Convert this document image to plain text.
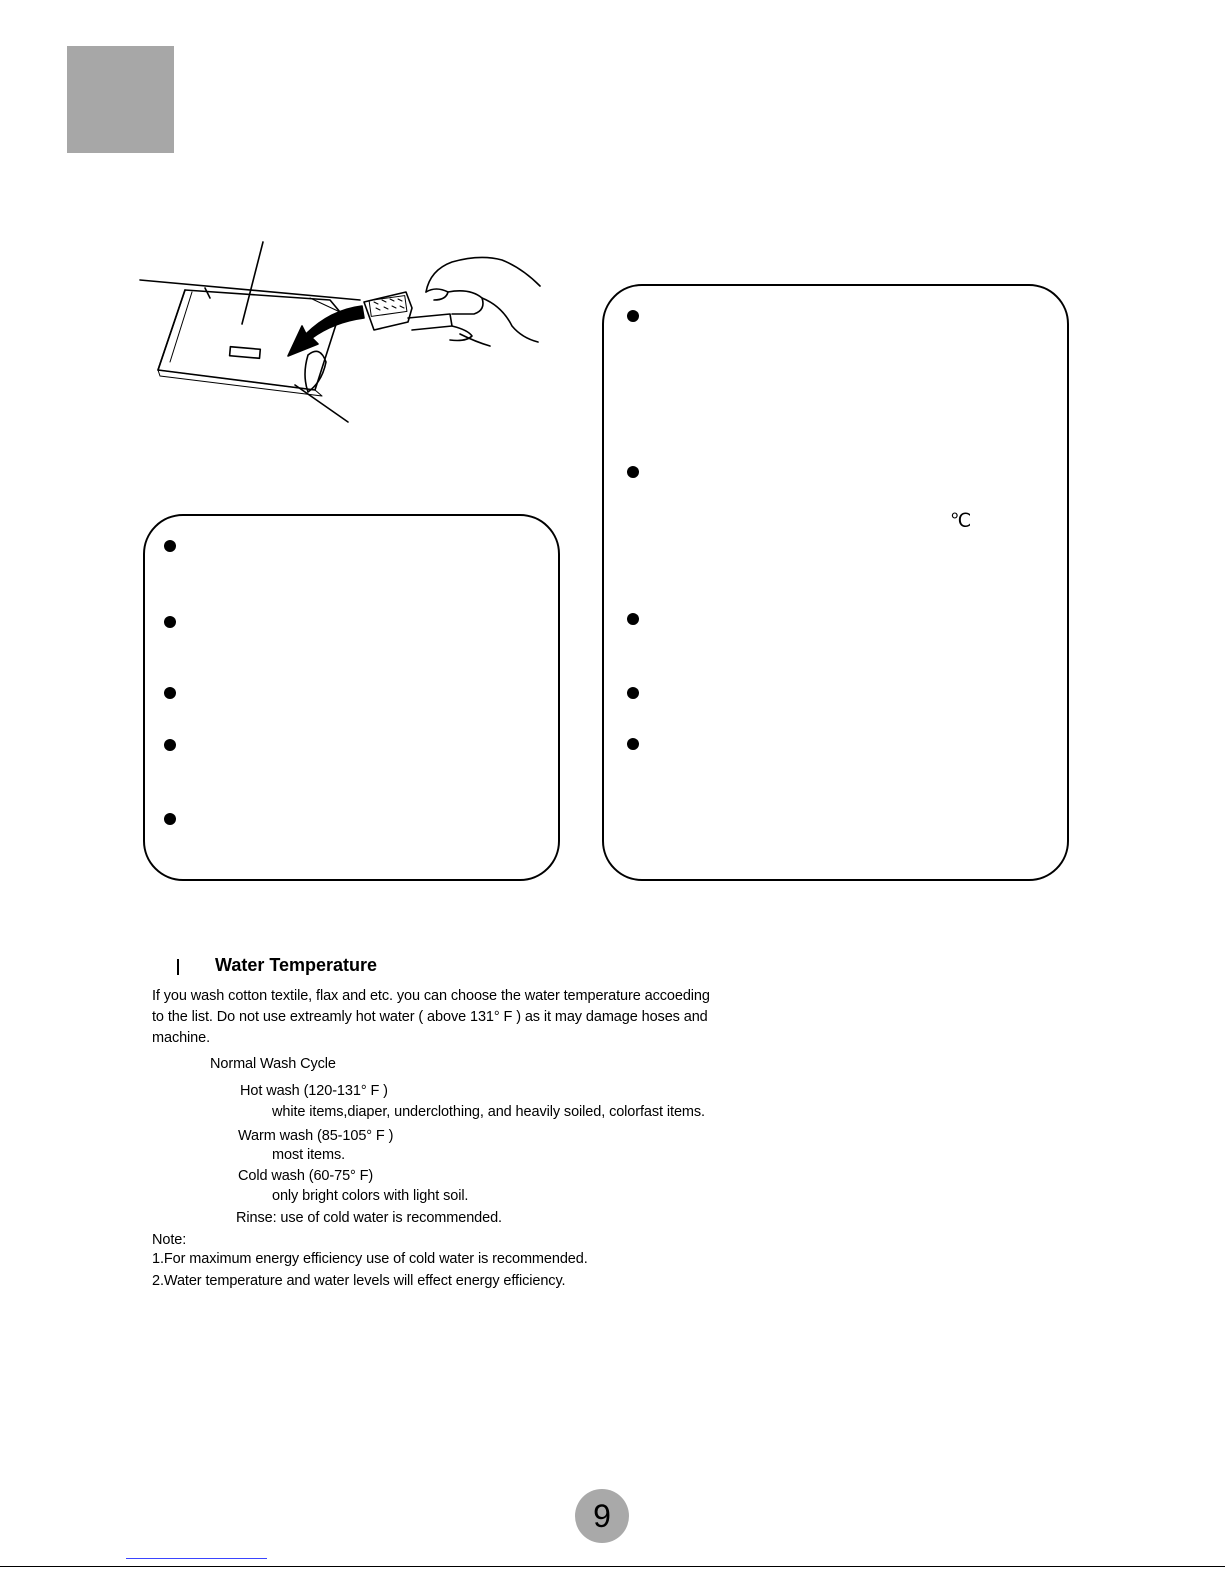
℃
Water Temperature
If you wash cotton textile, flax and etc. you can choose the water temperature accoeding
to the list. Do not use extreamly hot water ( above 131° F ) as it may damage hoses and
machine.
Normal Wash Cycle
Hot wash (120-131° F )
white items,diaper, underclothing, and heavily soiled, colorfast items.
Warm wash (85-105° F )
most items.
Cold wash (60-75° F)
only bright colors with light soil.
Rinse: use of cold water is recommended.
Note:
1.For maximum energy efficiency use of cold water is recommended.
2.Water temperature and water levels will effect energy efficiency.
9
